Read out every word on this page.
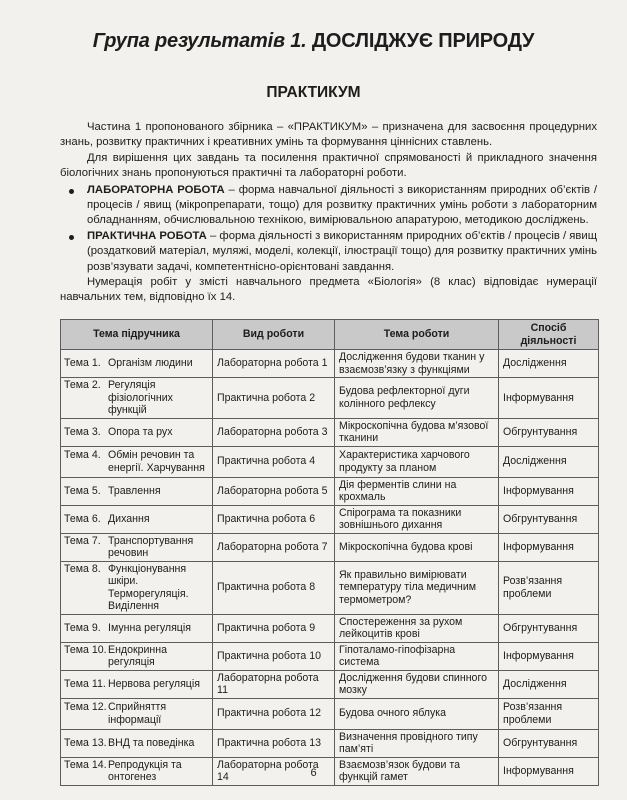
Група результатів 1. ДОСЛІДЖУЄ ПРИРОДУ
ПРАКТИКУМ

Частина 1 пропонованого збірника – «ПРАКТИКУМ» – призначена для засвоєння процедурних знань, розвитку практичних і креативних умінь та формування ціннісних ставлень.

Для вирішення цих завдань та посилення практичної спрямованості й прикладного значення біологічних знань пропонуються практичні та лабораторні роботи.

ЛАБОРАТОРНА РОБОТА – форма навчальної діяльності з використанням природних об’єктів / процесів / явищ (мікропрепарати, тощо) для розвитку практичних умінь роботи з лабораторним обладнанням, обчислювальною технікою, вимірювальною апаратурою, методикою досліджень.
ПРАКТИЧНА РОБОТА – форма діяльності з використанням природних об’єктів / процесів / явищ (роздатковий матеріал, муляжі, моделі, колекції, ілюстрації тощо) для розвитку практичних умінь розв’язувати задачі, компетентнісно-орієнтовані завдання.

Нумерація робіт у змісті навчального предмета «Біологія» (8 клас) відповідає нумерації навчальних тем, відповідно їх 14.

Тема підручника	Вид роботи	Тема роботи	Спосіб діяльності

Тема 1. Організм людини	Лабораторна робота 1	Дослідження будови тканин у взаємозв’язку з функціями	Дослідження

Тема 2. Регуляція фізіологічних функцій	Практична робота 2	Будова рефлекторної дуги колінного рефлексу	Інформування

Тема 3. Опора та рух	Лабораторна робота 3	Мікроскопічна будова м’язової тканини	Обгрунтування

Тема 4. Обмін речовин та енергії. Харчування	Практична робота 4	Характеристика харчового продукту за планом	Дослідження

Тема 5. Травлення	Лабораторна робота 5	Дія ферментів слини на крохмаль	Інформування

Тема 6. Дихання	Практична робота 6	Спірограма та показники зовнішнього дихання	Обгрунтування

Тема 7. Транспортування речовин	Лабораторна робота 7	Мікроскопічна будова крові	Інформування

Тема 8. Функціонування шкіри. Терморегуляція. Виділення	Практична робота 8	Як правильно вимірювати температуру тіла медичним термометром?	Розв’язання проблеми

Тема 9. Імунна регуляція	Практична робота 9	Спостереження за рухом лейкоцитів крові	Обгрунтування

Тема 10. Ендокринна регуляція	Практична робота 10	Гіпоталамо-гіпофізарна система	Інформування

Тема 11. Нервова регуляція	Лабораторна робота 11	Дослідження будови спинного мозку	Дослідження

Тема 12. Сприйняття інформації	Практична робота 12	Будова очного яблука	Розв’язання проблеми

Тема 13. ВНД та поведінка	Практична робота 13	Визначення провідного типу пам’яті	Обгрунтування

Тема 14. Репродукція та онтогенез	Лабораторна робота 14	Взаємозв’язок будови та функцій гамет	Інформування
6
